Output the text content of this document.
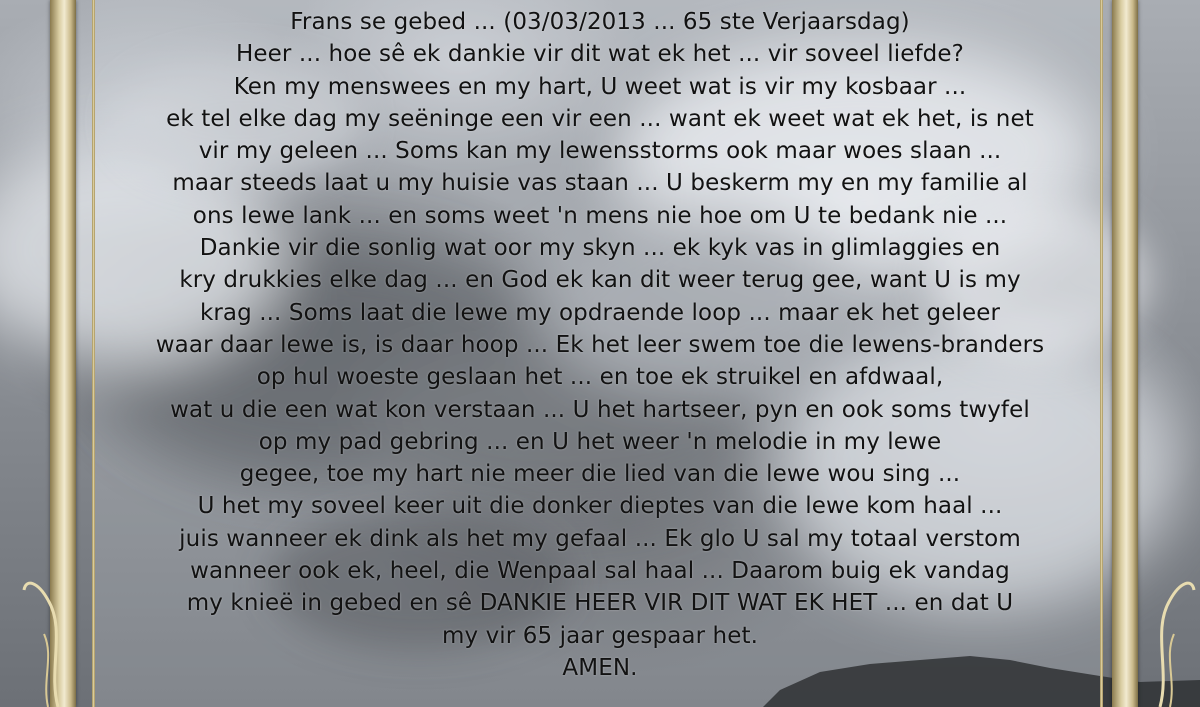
Frans se gebed ... (03/03/2013 ... 65 ste Verjaarsdag)
Heer ... hoe sê ek dankie vir dit wat ek het ... vir soveel liefde?
Ken my menswees en my hart, U weet wat is vir my kosbaar ...
ek tel elke dag my seëninge een vir een ... want ek weet wat ek het, is net
vir my geleen ... Soms kan my lewensstorms ook maar woes slaan ...
maar steeds laat u my huisie vas staan ... U beskerm my en my familie al
ons lewe lank ... en soms weet 'n mens nie hoe om U te bedank nie ...
Dankie vir die sonlig wat oor my skyn ... ek kyk vas in glimlaggies en
kry drukkies elke dag ... en God ek kan dit weer terug gee, want U is my
krag ... Soms laat die lewe my opdraende loop ... maar ek het geleer
waar daar lewe is, is daar hoop ... Ek het leer swem toe die lewens-branders
op hul woeste geslaan het ... en toe ek struikel en afdwaal,
wat u die een wat kon verstaan ... U het hartseer, pyn en ook soms twyfel
op my pad gebring ... en U het weer 'n melodie in my lewe
gegee, toe my hart nie meer die lied van die lewe wou sing ...
U het my soveel keer uit die donker dieptes van die lewe kom haal ...
juis wanneer ek dink als het my gefaal ... Ek glo U sal my totaal verstom
wanneer ook ek, heel, die Wenpaal sal haal ... Daarom buig ek vandag
my knieë in gebed en sê DANKIE HEER VIR DIT WAT EK HET ... en dat U
my vir 65 jaar gespaar het.
AMEN.
